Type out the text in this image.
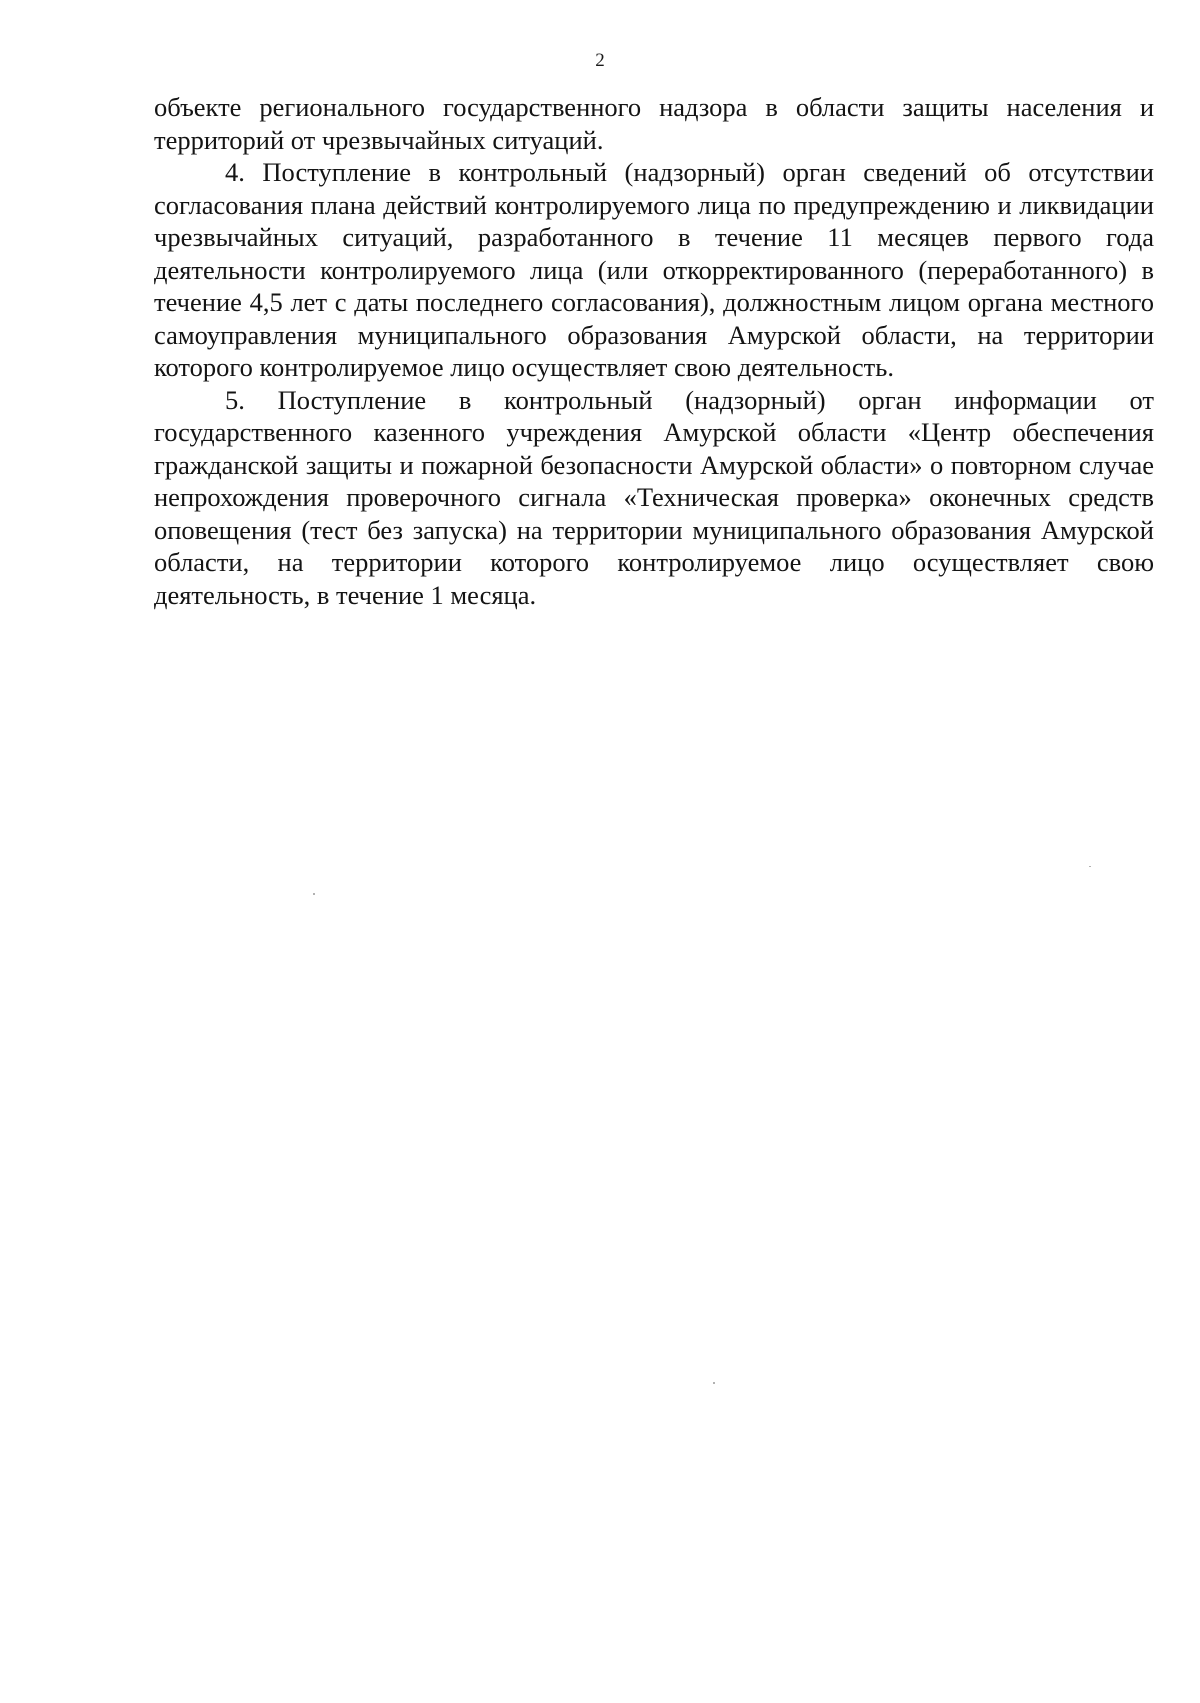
2

объекте регионального государственного надзора в области защиты населения и территорий от чрезвычайных ситуаций.

4. Поступление в контрольный (надзорный) орган сведений об отсутствии согласования плана действий контролируемого лица по предупреждению и ликвидации чрезвычайных ситуаций, разработанного в течение 11 месяцев первого года деятельности контролируемого лица (или откорректированного (переработанного) в течение 4,5 лет с даты последнего согласования), должностным лицом органа местного самоуправления муниципального образования Амурской области, на территории которого контролируемое лицо осуществляет свою деятельность.

5. Поступление в контрольный (надзорный) орган информации от государственного казенного учреждения Амурской области «Центр обеспечения гражданской защиты и пожарной безопасности Амурской области» о повторном случае непрохождения проверочного сигнала «Техническая проверка» оконечных средств оповещения (тест без запуска) на территории муниципального образования Амурской области, на территории которого контролируемое лицо осуществляет свою деятельность, в течение 1 месяца.
